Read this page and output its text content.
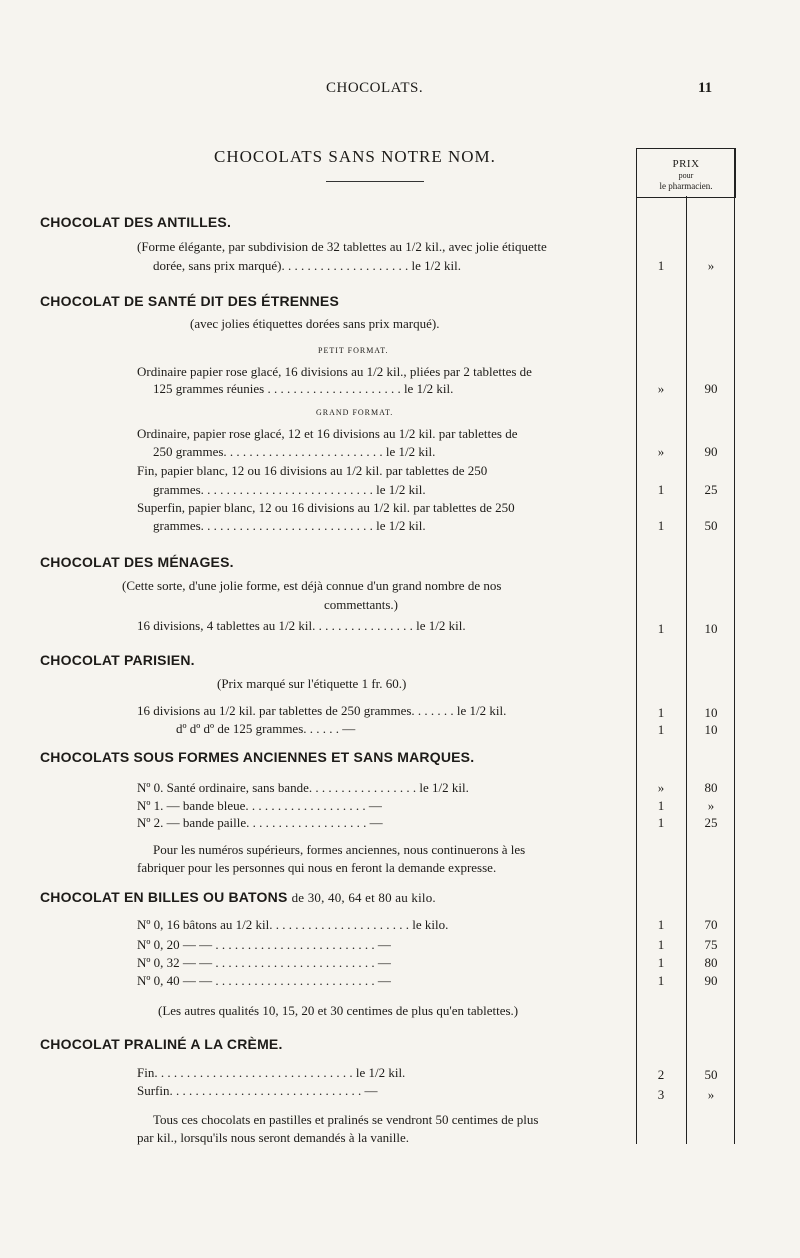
CHOCOLATS.	11
CHOCOLATS SANS NOTRE NOM.	PRIX
pour
le pharmacien.
CHOCOLAT DES ANTILLES.
(Forme élégante, par subdivision de 32 tablettes au 1/2 kil., avec jolie étiquette
dorée, sans prix marqué). . . . . . . . . . . . . . . . . . . . le 1/2 kil.	1	»
CHOCOLAT DE SANTÉ DIT DES ÉTRENNES
(avec jolies étiquettes dorées sans prix marqué).
PETIT FORMAT.
Ordinaire papier rose glacé, 16 divisions au 1/2 kil., pliées par 2 tablettes de
125 grammes réunies . . . . . . . . . . . . . . . . . . . . . le 1/2 kil.	»	90
GRAND FORMAT.
Ordinaire, papier rose glacé, 12 et 16 divisions au 1/2 kil. par tablettes de
250 grammes. . . . . . . . . . . . . . . . . . . . . . . . . le 1/2 kil.	»	90
Fin, papier blanc, 12 ou 16 divisions au 1/2 kil. par tablettes de 250
grammes. . . . . . . . . . . . . . . . . . . . . . . . . . . le 1/2 kil.	1	25
Superfin, papier blanc, 12 ou 16 divisions au 1/2 kil. par tablettes de 250
grammes. . . . . . . . . . . . . . . . . . . . . . . . . . . le 1/2 kil.	1	50
CHOCOLAT DES MÉNAGES.
(Cette sorte, d'une jolie forme, est déjà connue d'un grand nombre de nos
commettants.)
16 divisions, 4 tablettes au 1/2 kil. . . . . . . . . . . . . . . . le 1/2 kil.	1	10
CHOCOLAT PARISIEN.
(Prix marqué sur l'étiquette 1 fr. 60.)
16 divisions au 1/2 kil. par tablettes de 250 grammes. . . . . . . le 1/2 kil.	1	10
dº dº dº de 125 grammes. . . . . . —	1	10
CHOCOLATS SOUS FORMES ANCIENNES ET SANS MARQUES.
Nº 0. Santé ordinaire, sans bande. . . . . . . . . . . . . . . . . le 1/2 kil.	»	80
Nº 1. — bande bleue. . . . . . . . . . . . . . . . . . . —	1	»
Nº 2. — bande paille. . . . . . . . . . . . . . . . . . . —	1	25
Pour les numéros supérieurs, formes anciennes, nous continuerons à les
fabriquer pour les personnes qui nous en feront la demande expresse.
CHOCOLAT EN BILLES OU BATONS de 30, 40, 64 et 80 au kilo.
Nº 0, 16 bâtons au 1/2 kil. . . . . . . . . . . . . . . . . . . . . . le kilo.	1	70
Nº 0, 20 — — . . . . . . . . . . . . . . . . . . . . . . . . . —	1	75
Nº 0, 32 — — . . . . . . . . . . . . . . . . . . . . . . . . . —	1	80
Nº 0, 40 — — . . . . . . . . . . . . . . . . . . . . . . . . . —	1	90
(Les autres qualités 10, 15, 20 et 30 centimes de plus qu'en tablettes.)
CHOCOLAT PRALINÉ A LA CRÈME.
Fin. . . . . . . . . . . . . . . . . . . . . . . . . . . . . . . le 1/2 kil.	2	50
Surfin. . . . . . . . . . . . . . . . . . . . . . . . . . . . . . —	3	»
Tous ces chocolats en pastilles et pralinés se vendront 50 centimes de plus
par kil., lorsqu'ils nous seront demandés à la vanille.
